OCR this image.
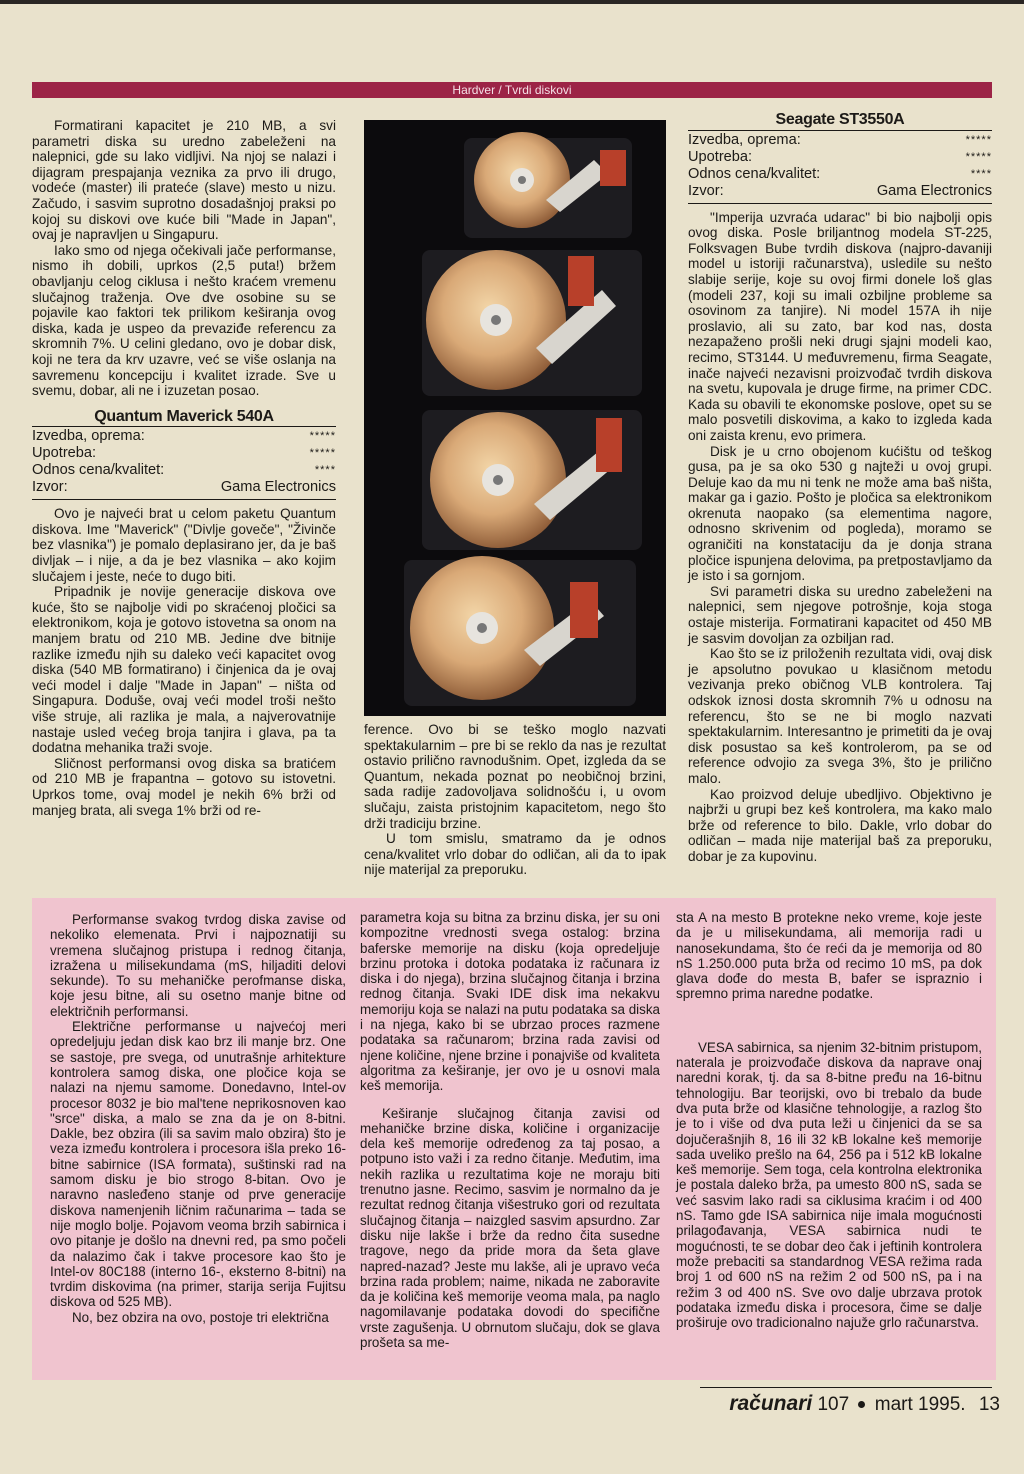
Hardver / Tvrdi diskovi

Formatirani kapacitet je 210 MB, a svi parametri diska su uredno zabeleženi na nalepnici, gde su lako vidljivi. Na njoj se nalazi i dijagram prespajanja veznika za prvo ili drugo, vodeće (master) ili prateće (slave) mesto u nizu. Začudo, i sasvim suprotno dosadašnjoj praksi po kojoj su diskovi ove kuće bili "Made in Japan", ovaj je napravljen u Singapuru.

Iako smo od njega očekivali jače performanse, nismo ih dobili, uprkos (2,5 puta!) bržem obavljanju celog ciklusa i nešto kraćem vremenu slučajnog traženja. Ove dve osobine su se pojavile kao faktori tek prilikom keširanja ovog diska, kada je uspeo da prevaziđe referencu za skromnih 7%. U celini gledano, ovo je dobar disk, koji ne tera da krv uzavre, već se više oslanja na savremenu koncepciju i kvalitet izrade. Sve u svemu, dobar, ali ne i izuzetan posao.

Quantum Maverick 540A
Izvedba, oprema:	*****
Upotreba:	*****
Odnos cena/kvalitet:	****
Izvor:	Gama Electronics

Ovo je najveći brat u celom paketu Quantum diskova. Ime "Maverick" ("Divlje goveče", "Živinče bez vlasnika") je pomalo deplasirano jer, da je baš divljak – i nije, a da je bez vlasnika – ako kojim slučajem i jeste, neće to dugo biti.

Pripadnik je novije generacije diskova ove kuće, što se najbolje vidi po skraćenoj pločici sa elektronikom, koja je gotovo istovetna sa onom na manjem bratu od 210 MB. Jedine dve bitnije razlike između njih su daleko veći kapacitet ovog diska (540 MB formatirano) i činjenica da je ovaj veći model i dalje "Made in Japan" – ništa od Singapura. Doduše, ovaj veći model troši nešto više struje, ali razlika je mala, a najverovatnije nastaje usled većeg broja tanjira i glava, pa ta dodatna mehanika traži svoje.

Sličnost performansi ovog diska sa bratićem od 210 MB je frapantna – gotovo su istovetni. Uprkos tome, ovaj model je nekih 6% brži od manjeg brata, ali svega 1% brži od re-

ference. Ovo bi se teško moglo nazvati spektakularnim – pre bi se reklo da nas je rezultat ostavio prilično ravnodušnim. Opet, izgleda da se Quantum, nekada poznat po neobičnoj brzini, sada radije zadovoljava solidnošću i, u ovom slučaju, zaista pristojnim kapacitetom, nego što drži tradiciju brzine.

U tom smislu, smatramo da je odnos cena/kvalitet vrlo dobar do odličan, ali da to ipak nije materijal za preporuku.

Seagate ST3550A
Izvedba, oprema:	*****
Upotreba:	*****
Odnos cena/kvalitet:	****
Izvor:	Gama Electronics

"Imperija uzvraća udarac" bi bio najbolji opis ovog diska. Posle briljantnog modela ST-225, Folksvagen Bube tvrdih diskova (najpro-davaniji model u istoriji računarstva), usledile su nešto slabije serije, koje su ovoj firmi donele loš glas (modeli 237, koji su imali ozbiljne probleme sa osovinom za tanjire). Ni model 157A ih nije proslavio, ali su zato, bar kod nas, dosta nezapaženo prošli neki drugi sjajni modeli kao, recimo, ST3144. U međuvremenu, firma Seagate, inače najveći nezavisni proizvođač tvrdih diskova na svetu, kupovala je druge firme, na primer CDC. Kada su obavili te ekonomske poslove, opet su se malo posvetili diskovima, a kako to izgleda kada oni zaista krenu, evo primera.

Disk je u crno obojenom kućištu od teškog gusa, pa je sa oko 530 g najteži u ovoj grupi. Deluje kao da mu ni tenk ne može ama baš ništa, makar ga i gazio. Pošto je pločica sa elektronikom okrenuta naopako (sa elementima nagore, odnosno skrivenim od pogleda), moramo se ograničiti na konstataciju da je donja strana pločice ispunjena delovima, pa pretpostavljamo da je isto i sa gornjom.

Svi parametri diska su uredno zabeleženi na nalepnici, sem njegove potrošnje, koja stoga ostaje misterija. Formatirani kapacitet od 450 MB je sasvim dovoljan za ozbiljan rad.

Kao što se iz priloženih rezultata vidi, ovaj disk je apsolutno povukao u klasičnom metodu vezivanja preko običnog VLB kontrolera. Taj odskok iznosi dosta skromnih 7% u odnosu na referencu, što se ne bi moglo nazvati spektakularnim. Interesantno je primetiti da je ovaj disk posustao sa keš kontrolerom, pa se od reference odvojio za svega 3%, što je prilično malo.

Kao proizvod deluje ubedljivo. Objektivno je najbrži u grupi bez keš kontrolera, ma kako malo brže od reference to bilo. Dakle, vrlo dobar do odličan – mada nije materijal baš za preporuku, dobar je za kupovinu.

Performanse svakog tvrdog diska zavise od nekoliko elemenata. Prvi i najpoznatiji su vremena slučajnog pristupa i rednog čitanja, izražena u milisekundama (mS, hiljaditi delovi sekunde). To su mehaničke perofmanse diska, koje jesu bitne, ali su osetno manje bitne od električnih performansi.

Električne performanse u najvećoj meri opredeljuju jedan disk kao brz ili manje brz. One se sastoje, pre svega, od unutrašnje arhitekture kontrolera samog diska, one pločice koja se nalazi na njemu samome. Donedavno, Intel-ov procesor 8032 je bio mal'tene neprikosnoven kao "srce" diska, a malo se zna da je on 8-bitni. Dakle, bez obzira (ili sa savim malo obzira) što je veza između kontrolera i procesora išla preko 16-bitne sabirnice (ISA formata), suštinski rad na samom disku je bio strogo 8-bitan. Ovo je naravno nasleđeno stanje od prve generacije diskova namenjenih ličnim računarima – tada se nije moglo bolje. Pojavom veoma brzih sabirnica i ovo pitanje je došlo na dnevni red, pa smo počeli da nalazimo čak i takve procesore kao što je Intel-ov 80C188 (interno 16-, eksterno 8-bitni) na tvrdim diskovima (na primer, starija serija Fujitsu diskova od 525 MB).

No, bez obzira na ovo, postoje tri električna

parametra koja su bitna za brzinu diska, jer su oni kompozitne vrednosti svega ostalog: brzina baferske memorije na disku (koja opredeljuje brzinu protoka i dotoka podataka iz računara iz diska i do njega), brzina slučajnog čitanja i brzina rednog čitanja. Svaki IDE disk ima nekakvu memoriju koja se nalazi na putu podataka sa diska i na njega, kako bi se ubrzao proces razmene podataka sa računarom; brzina rada zavisi od njene količine, njene brzine i ponajviše od kvaliteta algoritma za keširanje, jer ovo je u osnovi mala keš memorija.

Keširanje slučajnog čitanja zavisi od mehaničke brzine diska, količine i organizacije dela keš memorije određenog za taj posao, a potpuno isto važi i za redno čitanje. Međutim, ima nekih razlika u rezultatima koje ne moraju biti trenutno jasne. Recimo, sasvim je normalno da je rezultat rednog čitanja višestruko gori od rezultata slučajnog čitanja – naizgled sasvim apsurdno. Zar disku nije lakše i brže da redno čita susedne tragove, nego da pride mora da šeta glave napred-nazad? Jeste mu lakše, ali je upravo veća brzina rada problem; naime, nikada ne zaboravite da je količina keš memorije veoma mala, pa naglo nagomilavanje podataka dovodi do specifične vrste zagušenja. U obrnutom slučaju, dok se glava prošeta sa me-

sta A na mesto B protekne neko vreme, koje jeste da je u milisekundama, ali memorija radi u nanosekundama, što će reći da je memorija od 80 nS 1.250.000 puta brža od recimo 10 mS, pa dok glava dođe do mesta B, bafer se ispraznio i spremno prima naredne podatke.

VESA sabirnica, sa njenim 32-bitnim pristupom, naterala je proizvođače diskova da naprave onaj naredni korak, tj. da sa 8-bitne pređu na 16-bitnu tehnologiju. Bar teorijski, ovo bi trebalo da bude dva puta brže od klasične tehnologije, a razlog što je to i više od dva puta leži u činjenici da se sa dojučerašnjih 8, 16 ili 32 kB lokalne keš memorije sada uveliko prešlo na 64, 256 pa i 512 kB lokalne keš memorije. Sem toga, cela kontrolna elektronika je postala daleko brža, pa umesto 800 nS, sada se već sasvim lako radi sa ciklusima kraćim i od 400 nS. Tamo gde ISA sabirnica nije imala mogućnosti prilagođavanja, VESA sabirnica nudi te mogućnosti, te se dobar deo čak i jeftinih kontrolera može prebaciti sa standardnog VESA režima rada broj 1 od 600 nS na režim 2 od 500 nS, pa i na režim 3 od 400 nS. Sve ovo dalje ubrzava protok podataka između diska i procesora, čime se dalje proširuje ovo tradicionalno najuže grlo računarstva.

računari 107 mart 1995. 13
